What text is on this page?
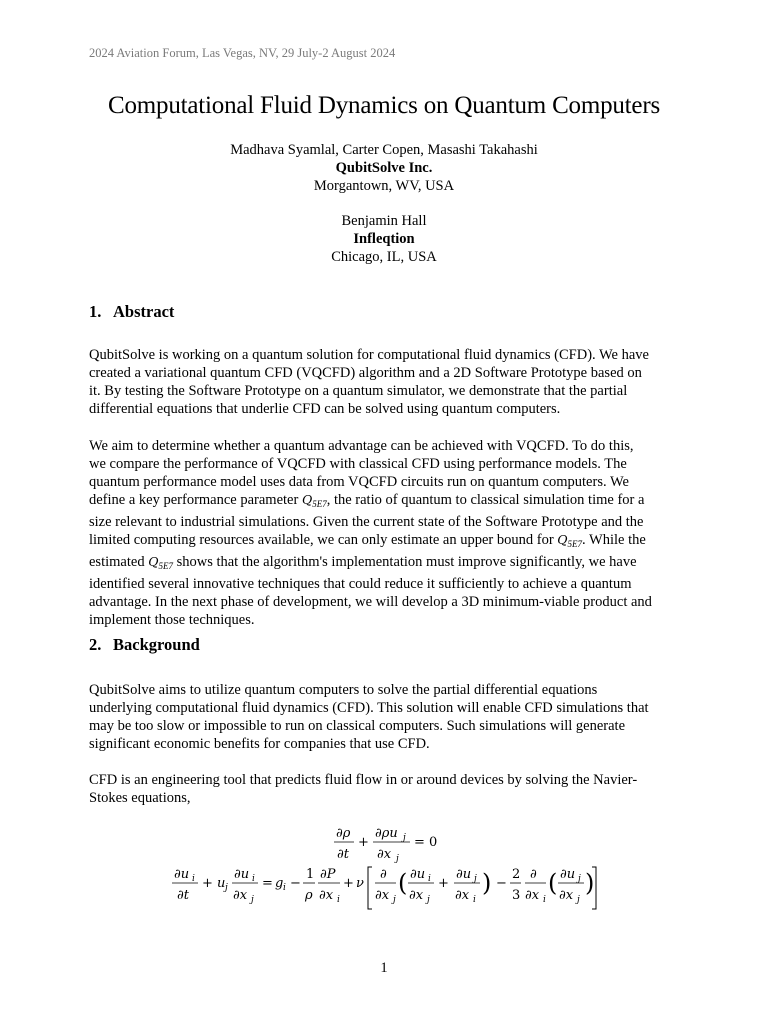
2024 Aviation Forum, Las Vegas, NV, 29 July-2 August 2024
Computational Fluid Dynamics on Quantum Computers
Madhava Syamlal, Carter Copen, Masashi Takahashi
QubitSolve Inc.
Morgantown, WV, USA
Benjamin Hall
Infleqtion
Chicago, IL, USA
1. Abstract
QubitSolve is working on a quantum solution for computational fluid dynamics (CFD). We have
created a variational quantum CFD (VQCFD) algorithm and a 2D Software Prototype based on
it. By testing the Software Prototype on a quantum simulator, we demonstrate that the partial
differential equations that underlie CFD can be solved using quantum computers.
We aim to determine whether a quantum advantage can be achieved with VQCFD. To do this,
we compare the performance of VQCFD with classical CFD using performance models. The
quantum performance model uses data from VQCFD circuits run on quantum computers. We
define a key performance parameter $Q_{5E7}$, the ratio of quantum to classical simulation time for a
size relevant to industrial simulations. Given the current state of the Software Prototype and the
limited computing resources available, we can only estimate an upper bound for $Q_{5E7}$. While the
estimated $Q_{5E7}$ shows that the algorithm's implementation must improve significantly, we have
identified several innovative techniques that could reduce it sufficiently to achieve a quantum
advantage. In the next phase of development, we will develop a 3D minimum-viable product and
implement those techniques.
2. Background
QubitSolve aims to utilize quantum computers to solve the partial differential equations
underlying computational fluid dynamics (CFD). This solution will enable CFD simulations that
may be too slow or impossible to run on classical computers. Such simulations will generate
significant economic benefits for companies that use CFD.
CFD is an engineering tool that predicts fluid flow in or around devices by solving the Navier-
Stokes equations,
∂ρ
∂t
+
∂ρu j
∂x j
= 0
∂u i
∂t
+ u j
∂u i
∂x j
= g i −
1
ρ
∂P
∂x i
+ ν
∂
∂x j
( ∂u i
∂x j
+
∂u j
∂x i
) −
2
3
∂
∂x i
( ∂u j
∂x j
)
1
